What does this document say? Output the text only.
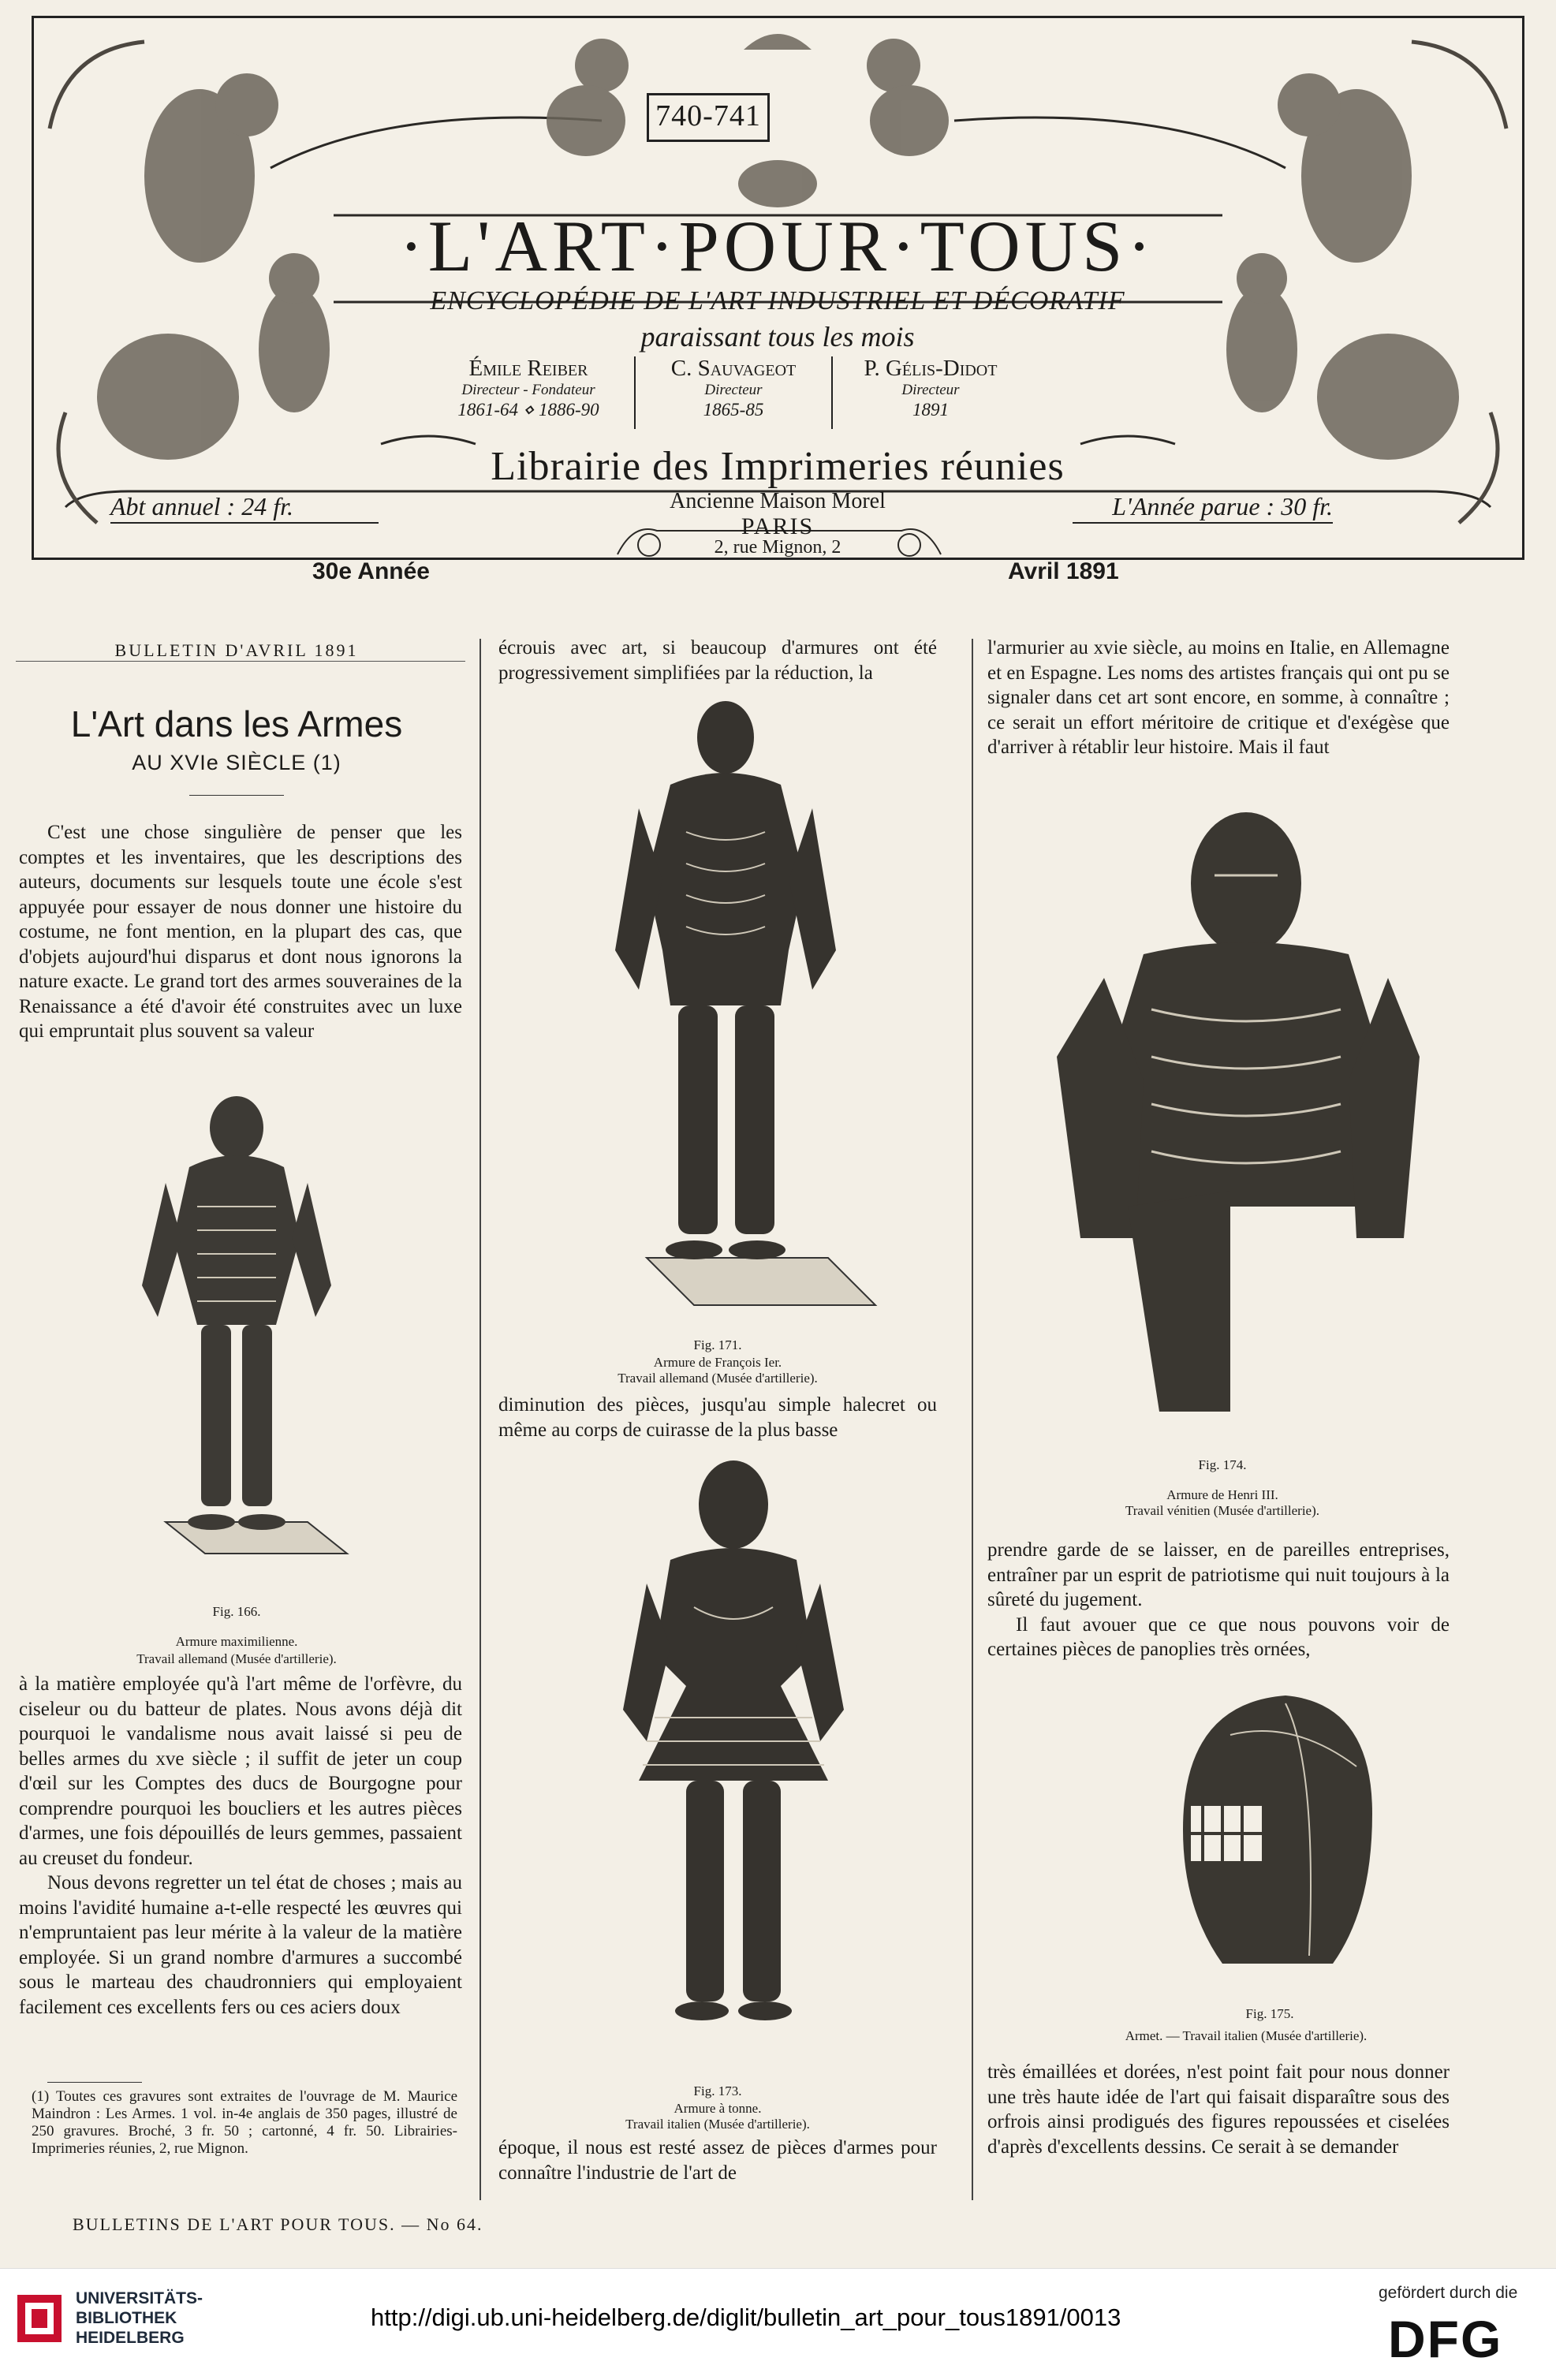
740-741
·L'ART·POUR·TOUS·
ENCYCLOPÉDIE DE L'ART INDUSTRIEL ET DÉCORATIF
paraissant tous les mois
Émile Reiber
Directeur - Fondateur
1861-64 ⋄ 1886-90
C. Sauvageot
Directeur
1865-85
P. Gélis-Didot
Directeur
1891
Librairie des Imprimeries réunies
Abt annuel : 24 fr.	L'Année parue : 30 fr.
Ancienne Maison Morel
PARIS
2, rue Mignon, 2
30e Année	Avril 1891
BULLETIN D'AVRIL 1891
L'Art dans les Armes
AU XVIe SIÈCLE (1)

C'est une chose singulière de penser que les comptes et les inventaires, que les descriptions des auteurs, documents sur lesquels toute une école s'est appuyée pour essayer de nous donner une histoire du costume, ne font mention, en la plupart des cas, que d'objets aujourd'hui disparus et dont nous ignorons la nature exacte. Le grand tort des armes souveraines de la Renaissance a été d'avoir été construites avec un luxe qui empruntait plus souvent sa valeur

Fig. 166.
Armure maximilienne.
Travail allemand (Musée d'artillerie).

à la matière employée qu'à l'art même de l'orfèvre, du ciseleur ou du batteur de plates. Nous avons déjà dit pourquoi le vandalisme nous avait laissé si peu de belles armes du xve siècle ; il suffit de jeter un coup d'œil sur les Comptes des ducs de Bourgogne pour comprendre pourquoi les boucliers et les autres pièces d'armes, une fois dépouillés de leurs gemmes, passaient au creuset du fondeur.

Nous devons regretter un tel état de choses ; mais au moins l'avidité humaine a-t-elle respecté les œuvres qui n'empruntaient pas leur mérite à la valeur de la matière employée. Si un grand nombre d'armures a succombé sous le marteau des chaudronniers qui employaient facilement ces excellents fers ou ces aciers doux

(1) Toutes ces gravures sont extraites de l'ouvrage de M. Maurice Maindron : Les Armes. 1 vol. in-4e anglais de 350 pages, illustré de 250 gravures. Broché, 3 fr. 50 ; cartonné, 4 fr. 50. Librairies-Imprimeries réunies, 2, rue Mignon.
BULLETINS DE L'ART POUR TOUS. — No 64.

écrouis avec art, si beaucoup d'armures ont été progressivement simplifiées par la réduction, la

Fig. 171.
Armure de François Ier.
Travail allemand (Musée d'artillerie).

diminution des pièces, jusqu'au simple halecret ou même au corps de cuirasse de la plus basse

Fig. 173.
Armure à tonne.
Travail italien (Musée d'artillerie).

époque, il nous est resté assez de pièces d'armes pour connaître l'industrie de l'art de

l'armurier au xvie siècle, au moins en Italie, en Allemagne et en Espagne. Les noms des artistes français qui ont pu se signaler dans cet art sont encore, en somme, à connaître ; ce serait un effort méritoire de critique et d'exégèse que d'arriver à rétablir leur histoire. Mais il faut

Fig. 174.
Armure de Henri III.
Travail vénitien (Musée d'artillerie).

prendre garde de se laisser, en de pareilles entreprises, entraîner par un esprit de patriotisme qui nuit toujours à la sûreté du jugement.

Il faut avouer que ce que nous pouvons voir de certaines pièces de panoplies très ornées,

Fig. 175.
Armet. — Travail italien (Musée d'artillerie).

très émaillées et dorées, n'est point fait pour nous donner une très haute idée de l'art qui faisait disparaître sous des orfrois ainsi prodigués des figures repoussées et ciselées d'après d'excellents dessins. Ce serait à se demander

UNIVERSITÄTS-
BIBLIOTHEK
HEIDELBERG
http://digi.ub.uni-heidelberg.de/diglit/bulletin_art_pour_tous1891/0013
gefördert durch die
DFG
